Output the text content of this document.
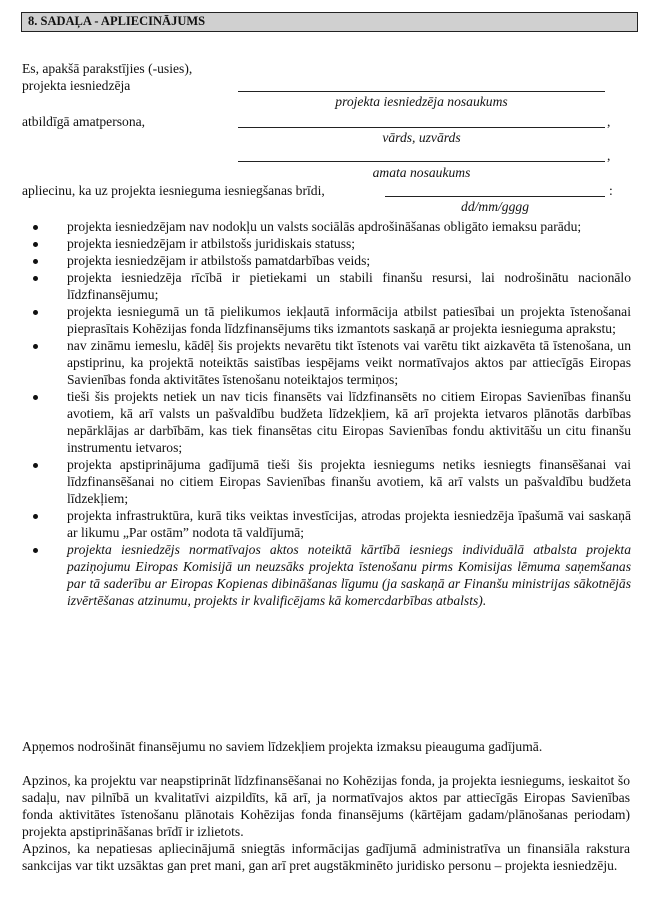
8. SADAĻA - APLIECINĀJUMS
Es, apakšā parakstījies (-usies),
projekta iesniedzēja
projekta iesniedzēja nosaukums
atbildīgā amatpersona,	,
vārds, uzvārds
,
amata nosaukums
apliecinu, ka uz projekta iesnieguma iesniegšanas brīdi,	:
dd/mm/gggg
projekta iesniedzējam nav nodokļu un valsts sociālās apdrošināšanas obligāto iemaksu parādu;
projekta iesniedzējam ir atbilstošs juridiskais statuss;
projekta iesniedzējam ir atbilstošs pamatdarbības veids;
projekta iesniedzēja rīcībā ir pietiekami un stabili finanšu resursi, lai nodrošinātu nacionālo līdzfinansējumu;
projekta iesniegumā un tā pielikumos iekļautā informācija atbilst patiesībai un projekta īstenošanai pieprasītais Kohēzijas fonda līdzfinansējums tiks izmantots saskaņā ar projekta iesnieguma aprakstu;
nav zināmu iemeslu, kādēļ šis projekts nevarētu tikt īstenots vai varētu tikt aizkavēta tā īstenošana, un apstiprinu, ka projektā noteiktās saistības iespējams veikt normatīvajos aktos par attiecīgās Eiropas Savienības fonda aktivitātes īstenošanu noteiktajos termiņos;
tieši šis projekts netiek un nav ticis finansēts vai līdzfinansēts no citiem Eiropas Savienības finanšu avotiem, kā arī valsts un pašvaldību budžeta līdzekļiem, kā arī projekta ietvaros plānotās darbības nepārklājas ar darbībām, kas tiek finansētas citu Eiropas Savienības fondu aktivitāšu un citu finanšu instrumentu ietvaros;
projekta apstiprinājuma gadījumā tieši šis projekta iesniegums netiks iesniegts finansēšanai vai līdzfinansēšanai no citiem Eiropas Savienības finanšu avotiem, kā arī valsts un pašvaldību budžeta līdzekļiem;
projekta infrastruktūra, kurā tiks veiktas investīcijas, atrodas projekta iesniedzēja īpašumā vai saskaņā ar likumu „Par ostām” nodota tā valdījumā;
projekta iesniedzējs normatīvajos aktos noteiktā kārtībā iesniegs individuālā atbalsta projekta paziņojumu Eiropas Komisijā un neuzsāks projekta īstenošanu pirms Komisijas lēmuma saņemšanas par tā saderību ar Eiropas Kopienas dibināšanas līgumu (ja saskaņā ar Finanšu ministrijas sākotnējās izvērtēšanas atzinumu, projekts ir kvalificējams kā komercdarbības atbalsts).
Apņemos nodrošināt finansējumu no saviem līdzekļiem projekta izmaksu pieauguma gadījumā.
Apzinos, ka projektu var neapstiprināt līdzfinansēšanai no Kohēzijas fonda, ja projekta iesniegums, ieskaitot šo sadaļu, nav pilnībā un kvalitatīvi aizpildīts, kā arī, ja normatīvajos aktos par attiecīgās Eiropas Savienības fonda aktivitātes īstenošanu plānotais Kohēzijas fonda finansējums (kārtējam gadam/plānošanas periodam) projekta apstiprināšanas brīdī ir izlietots.
Apzinos, ka nepatiesas apliecinājumā sniegtās informācijas gadījumā administratīva un finansiāla rakstura sankcijas var tikt uzsāktas gan pret mani, gan arī pret augstākminēto juridisko personu – projekta iesniedzēju.
